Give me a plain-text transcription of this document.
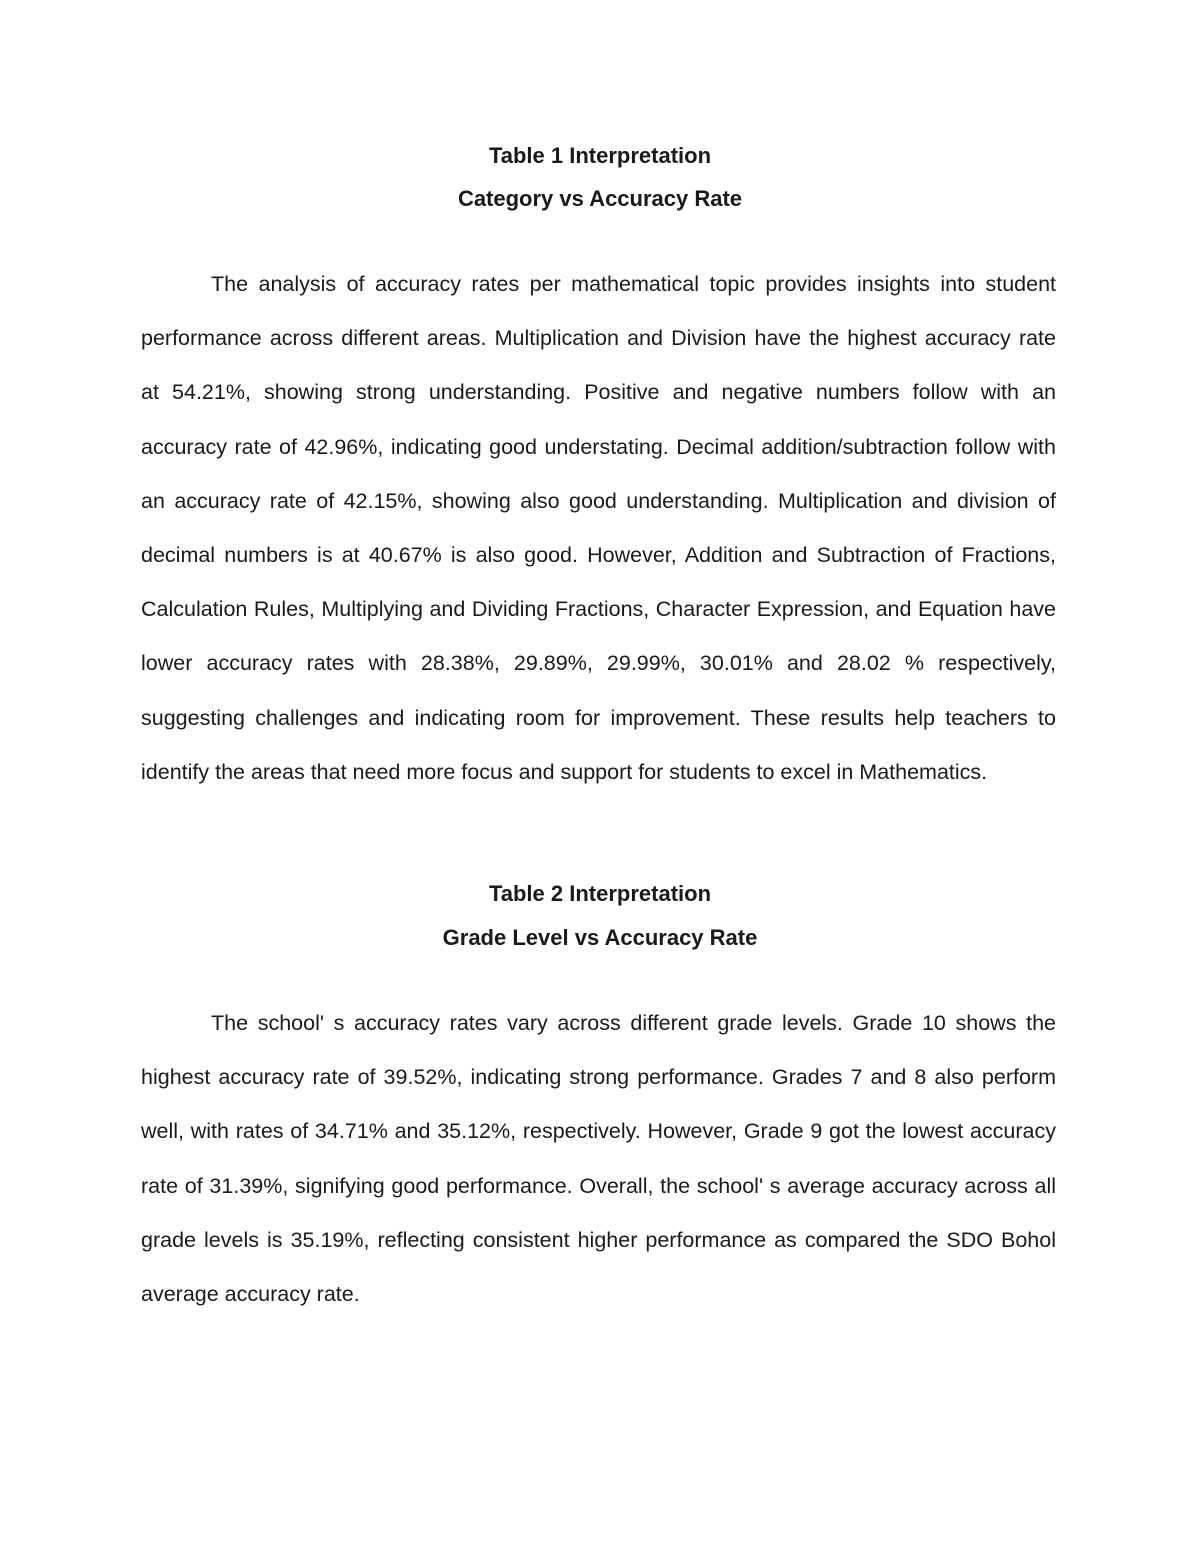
Table 1 Interpretation
Category vs Accuracy Rate

The analysis of accuracy rates per mathematical topic provides insights into student performance across different areas. Multiplication and Division have the highest accuracy rate at 54.21%, showing strong understanding. Positive and negative numbers follow with an accuracy rate of 42.96%, indicating good understating. Decimal addition/subtraction follow with an accuracy rate of 42.15%, showing also good understanding. Multiplication and division of decimal numbers is at 40.67% is also good. However, Addition and Subtraction of Fractions, Calculation Rules, Multiplying and Dividing Fractions, Character Expression, and Equation have lower accuracy rates with 28.38%, 29.89%, 29.99%, 30.01% and 28.02 % respectively, suggesting challenges and indicating room for improvement. These results help teachers to identify the areas that need more focus and support for students to excel in Mathematics.

Table 2 Interpretation
Grade Level vs Accuracy Rate

The school' s accuracy rates vary across different grade levels. Grade 10 shows the highest accuracy rate of 39.52%, indicating strong performance. Grades 7 and 8 also perform well, with rates of 34.71% and 35.12%, respectively. However, Grade 9 got the lowest accuracy rate of 31.39%, signifying good performance. Overall, the school' s average accuracy across all grade levels is 35.19%, reflecting consistent higher performance as compared the SDO Bohol average accuracy rate.
